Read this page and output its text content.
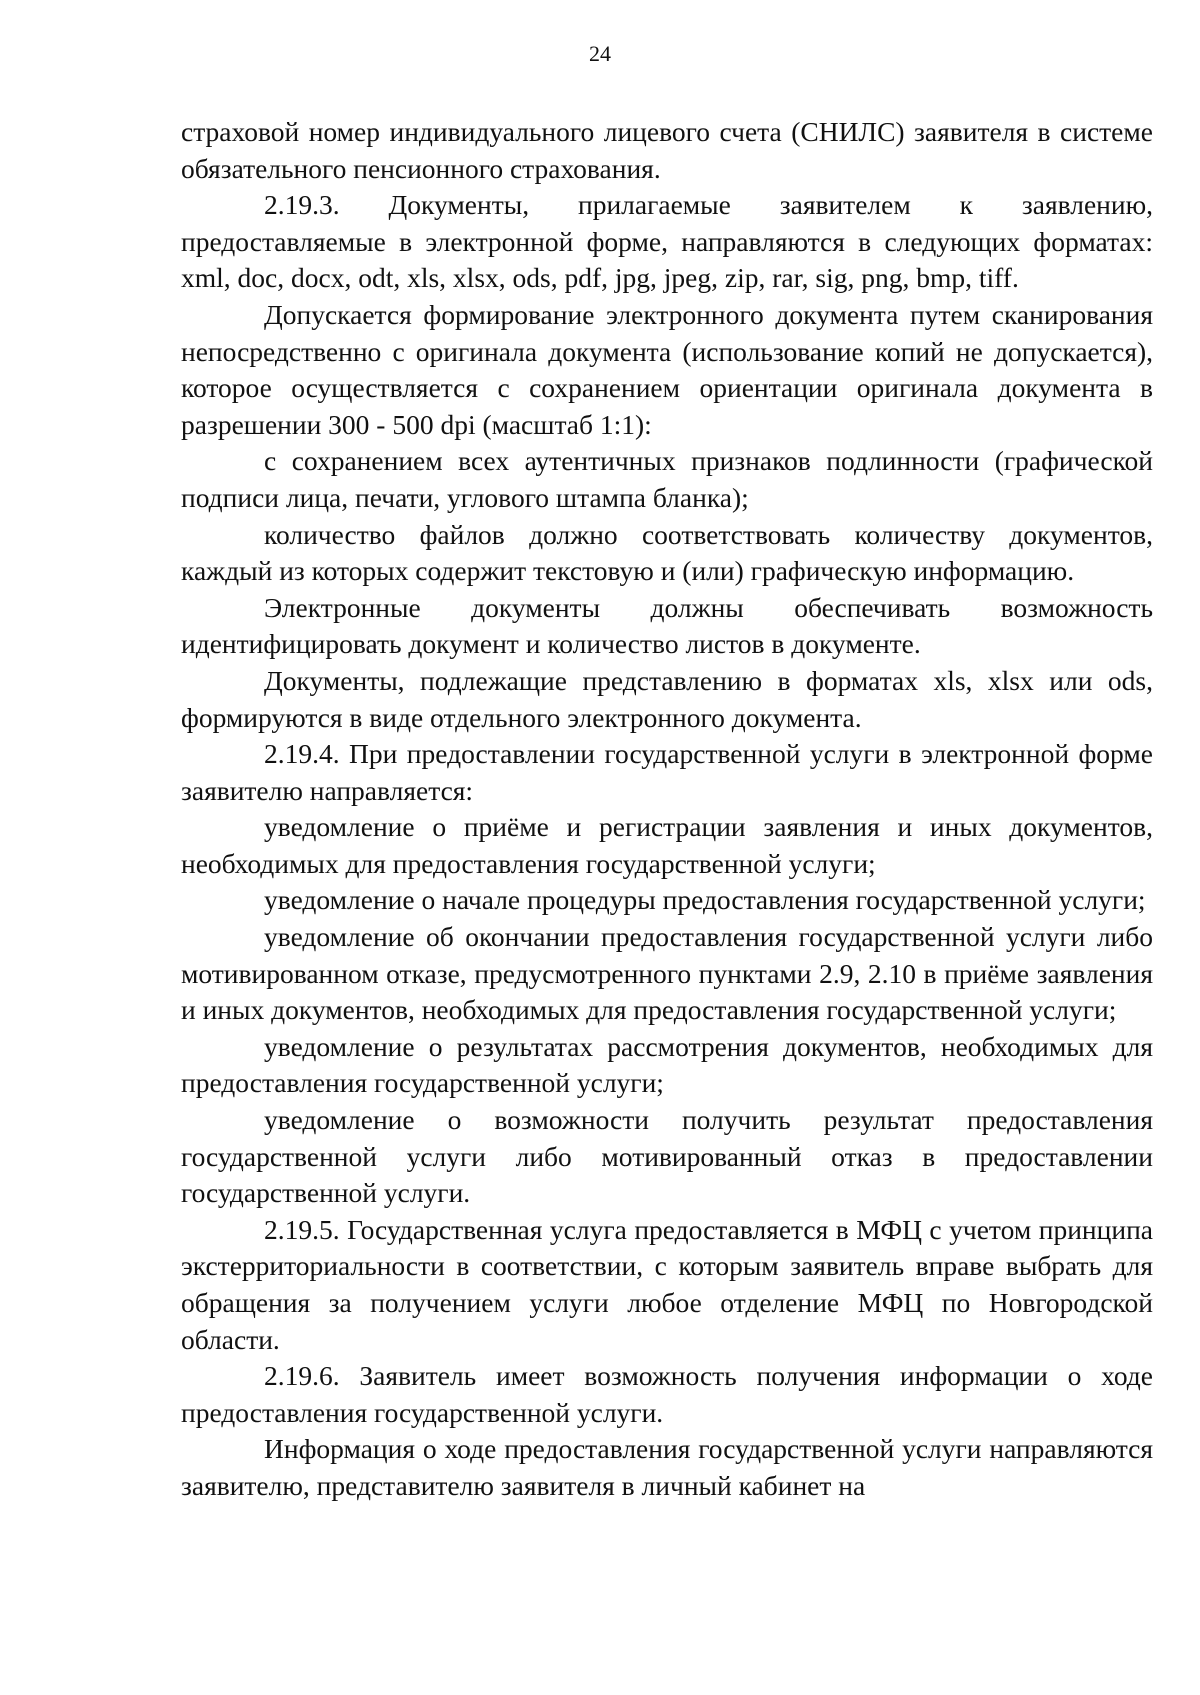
24

страховой номер индивидуального лицевого счета (СНИЛС) заявителя в системе обязательного пенсионного страхования.

2.19.3. Документы, прилагаемые заявителем к заявлению, предоставляемые в электронной форме, направляются в следующих форматах: xml, doc, docx, odt, xls, xlsx, ods, pdf, jpg, jpeg, zip, rar, sig, png, bmp, tiff.

Допускается формирование электронного документа путем сканирования непосредственно с оригинала документа (использование копий не допускается), которое осуществляется с сохранением ориентации оригинала документа в разрешении 300 - 500 dpi (масштаб 1:1):

с сохранением всех аутентичных признаков подлинности (графической подписи лица, печати, углового штампа бланка);

количество файлов должно соответствовать количеству документов, каждый из которых содержит текстовую и (или) графическую информацию.

Электронные документы должны обеспечивать возможность идентифицировать документ и количество листов в документе.

Документы, подлежащие представлению в форматах xls, xlsx или ods, формируются в виде отдельного электронного документа.

2.19.4. При предоставлении государственной услуги в электронной форме заявителю направляется:

уведомление о приёме и регистрации заявления и иных документов, необходимых для предоставления государственной услуги;

уведомление о начале процедуры предоставления государственной услуги;

уведомление об окончании предоставления государственной услуги либо мотивированном отказе, предусмотренного пунктами 2.9, 2.10 в приёме заявления и иных документов, необходимых для предоставления государственной услуги;

уведомление о результатах рассмотрения документов, необходимых для предоставления государственной услуги;

уведомление о возможности получить результат предоставления государственной услуги либо мотивированный отказ в предоставлении государственной услуги.

2.19.5. Государственная услуга предоставляется в МФЦ с учетом принципа экстерриториальности в соответствии, с которым заявитель вправе выбрать для обращения за получением услуги любое отделение МФЦ по Новгородской области.

2.19.6. Заявитель имеет возможность получения информации о ходе предоставления государственной услуги.

Информация о ходе предоставления государственной услуги направляются заявителю, представителю заявителя в личный кабинет на
